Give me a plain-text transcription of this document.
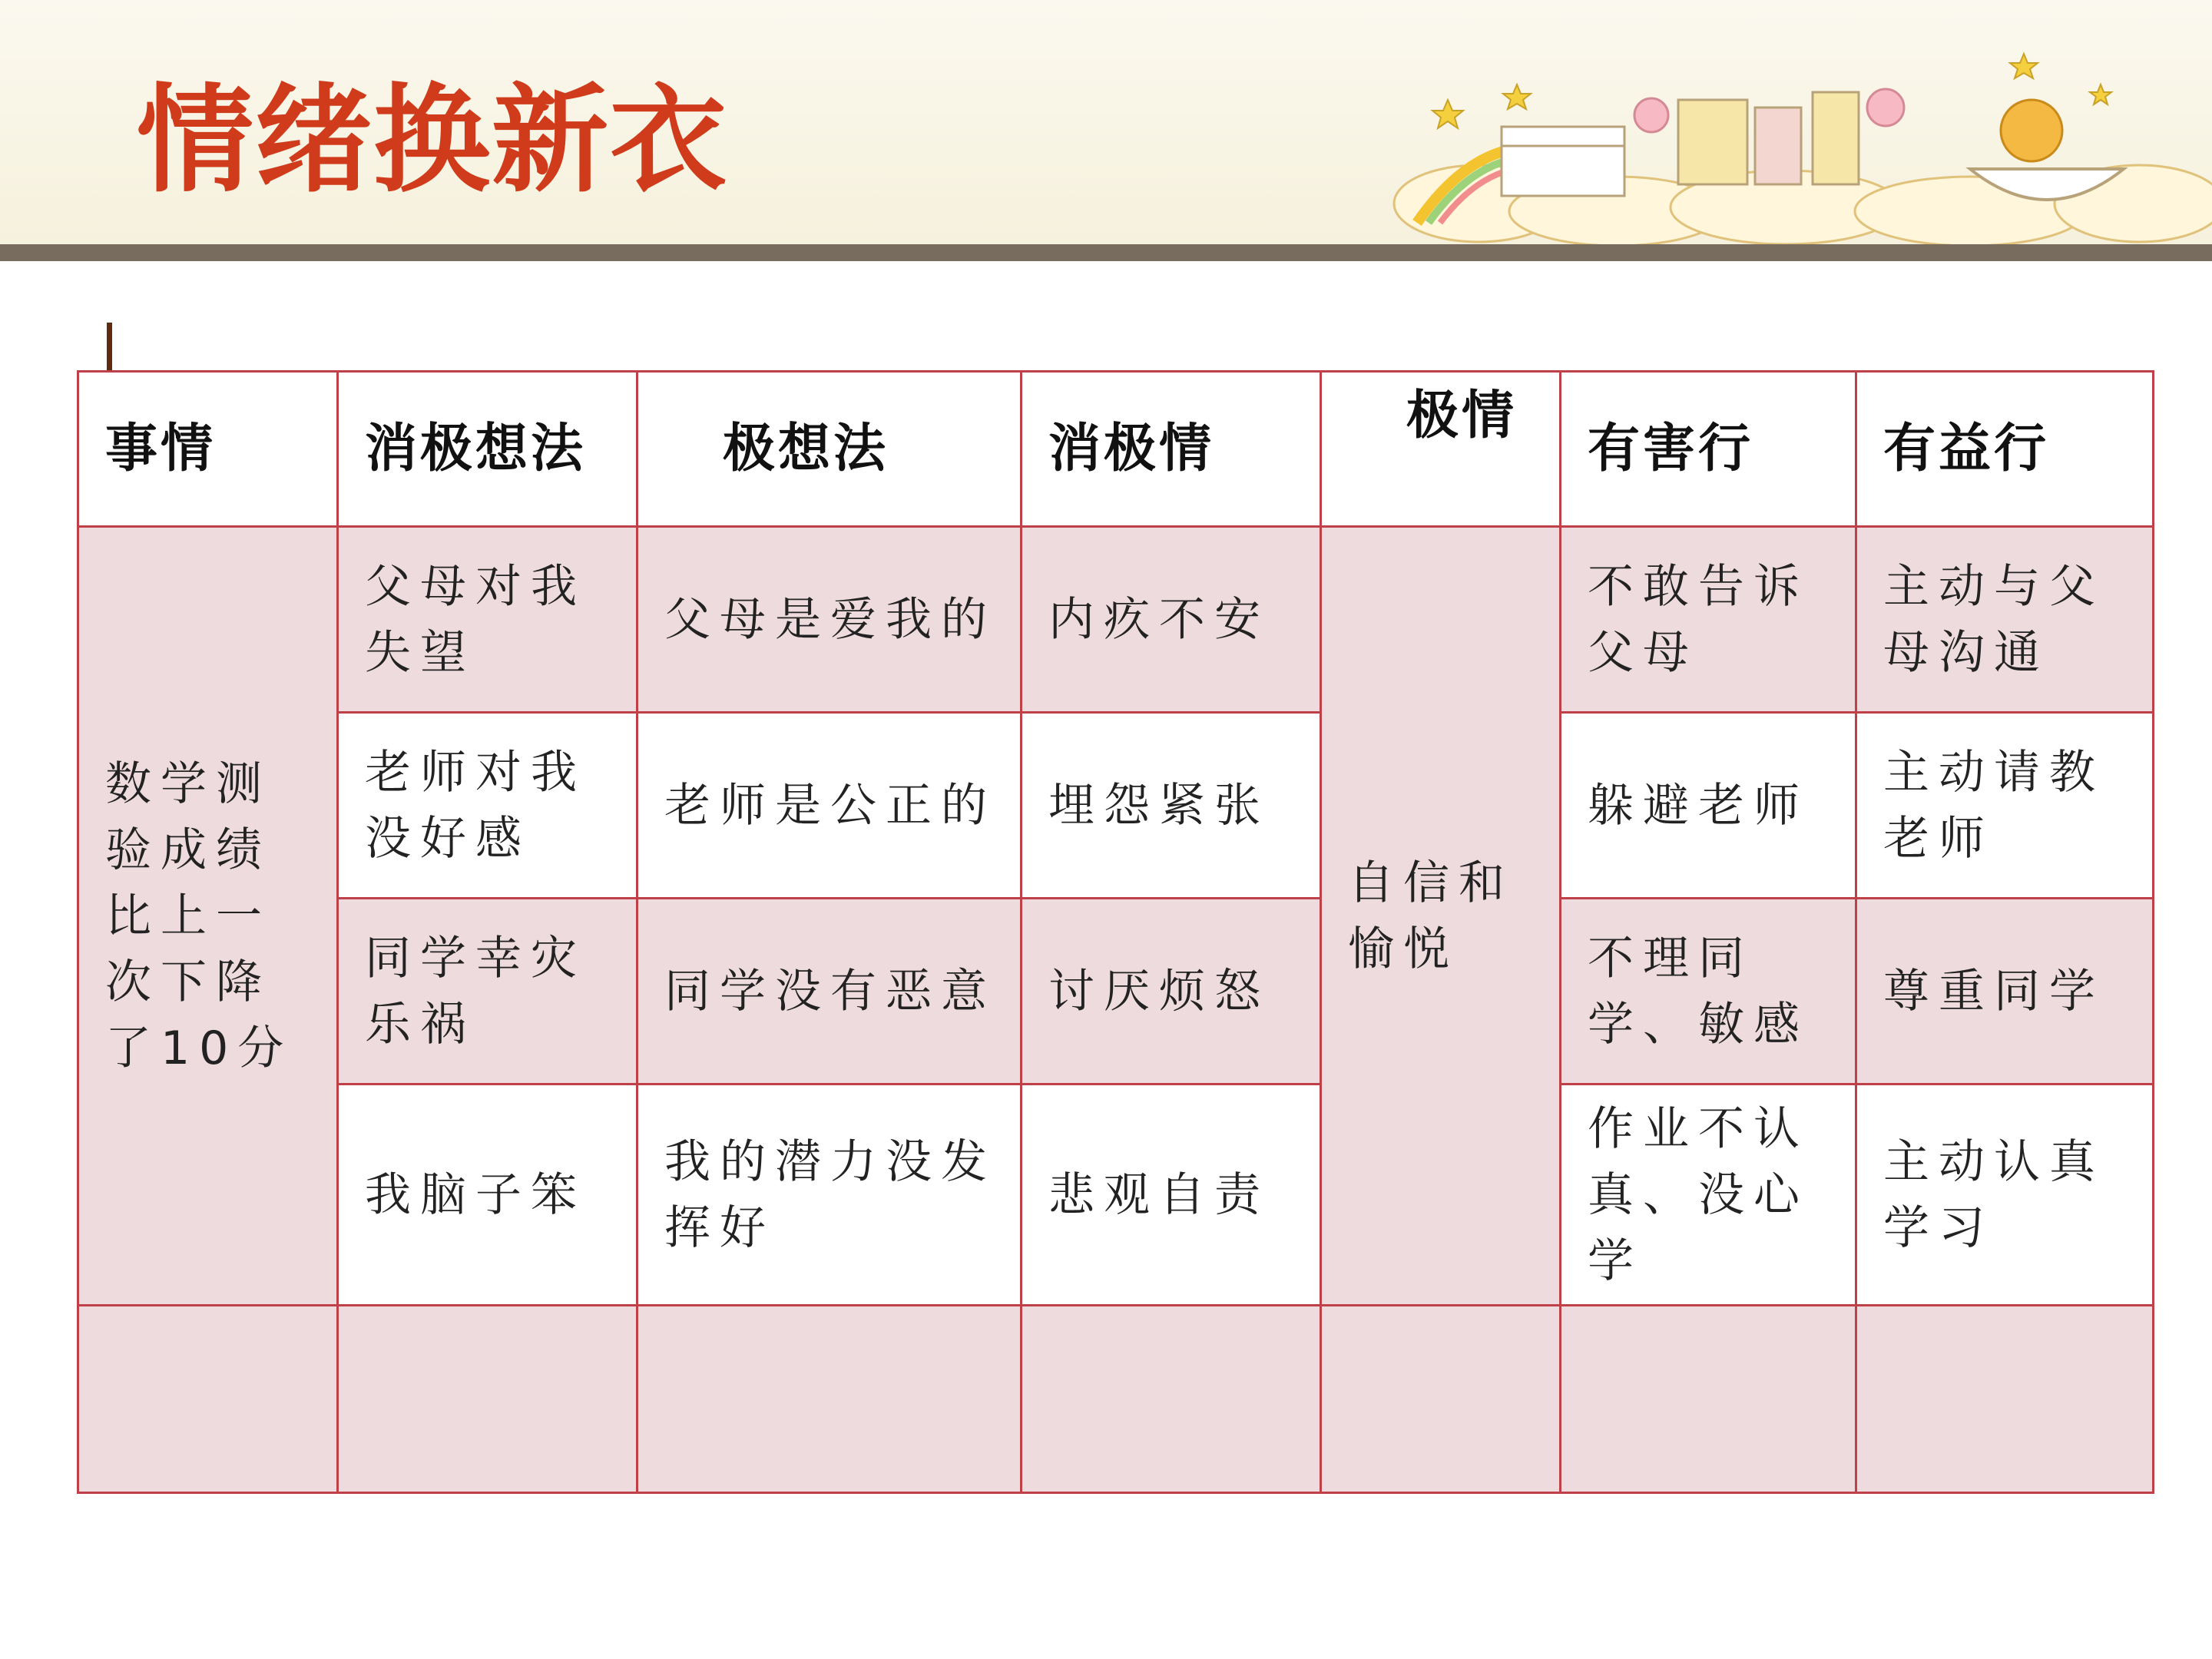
情绪换新衣
事情	消极想法	极想法	消极情	极情	有害行	有益行
数学测验成绩比上一次下降了10分	父母对我失望	父母是爱我的	内疚不安	自信和愉悦	不敢告诉父母	主动与父母沟通
	老师对我没好感	老师是公正的	埋怨紧张		躲避老师	主动请教老师
	同学幸灾乐祸	同学没有恶意	讨厌烦怒		不理同学、敏感	尊重同学
	我脑子笨	我的潜力没发挥好	悲观自责		作业不认真、没心学	主动认真学习
